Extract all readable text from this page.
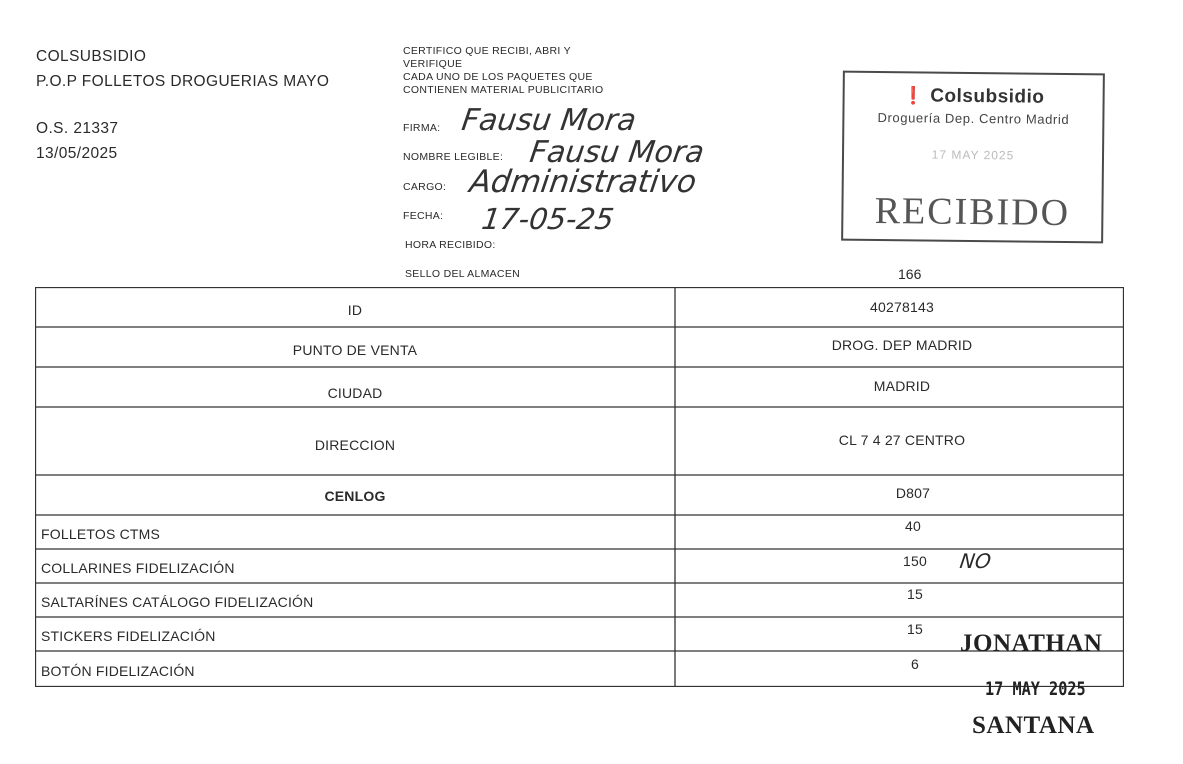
COLSUBSIDIO
P.O.P FOLLETOS DROGUERIAS MAYO
O.S. 21337
13/05/2025
CERTIFICO QUE RECIBI, ABRI Y
VERIFIQUE
CADA UNO DE LOS PAQUETES QUE
CONTIENEN MATERIAL PUBLICITARIO
FIRMA: Fausu Mora
NOMBRE LEGIBLE: Fausu Mora
CARGO: Administrativo
FECHA: 17-05-25
HORA RECIBIDO:
SELLO DEL ALMACEN	166
❗ Colsubsidio
Droguería Dep. Centro Madrid
17 MAY 2025
RECIBIDO
ID	40278143
PUNTO DE VENTA	DROG. DEP MADRID
CIUDAD	MADRID
DIRECCION	CL 7 4 27 CENTRO
CENLOG	D807
FOLLETOS CTMS	40
COLLARINES FIDELIZACIÓN	150 NO
SALTARÍNES CATÁLOGO FIDELIZACIÓN	15
STICKERS FIDELIZACIÓN	15
BOTÓN FIDELIZACIÓN	6
JONATHAN
17 MAY 2025
SANTANA
